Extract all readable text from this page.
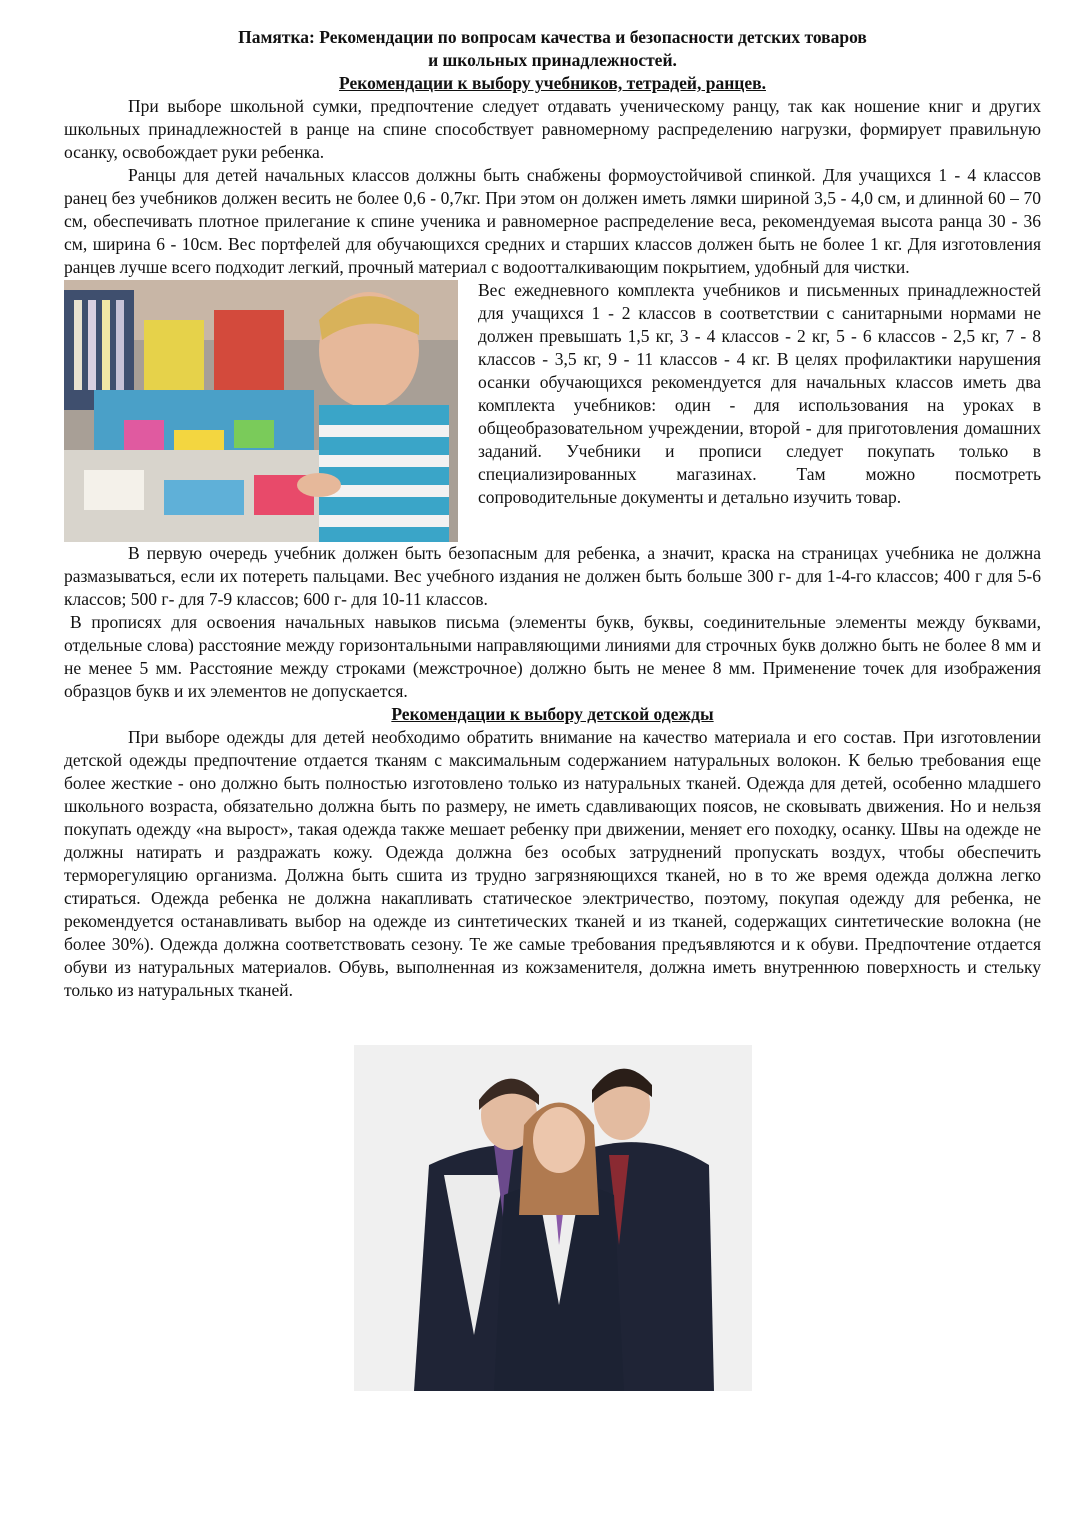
Памятка: Рекомендации по вопросам качества и безопасности детских товаров

и школьных принадлежностей.

Рекомендации к выбору учебников, тетрадей, ранцев.

При выборе школьной сумки, предпочтение следует отдавать ученическому ранцу, так как ношение книг и других школьных принадлежностей в ранце на спине способствует равномерному распределению нагрузки, формирует правильную осанку, освобождает руки ребенка.

Ранцы для детей начальных классов должны быть снабжены формоустойчивой спинкой. Для учащихся 1 - 4 классов ранец без учебников должен весить не более 0,6 - 0,7кг. При этом он должен иметь лямки шириной 3,5 - 4,0 см, и длинной 60 – 70 см, обеспечивать плотное прилегание к спине ученика и равномерное распределение веса, рекомендуемая высота ранца 30 - 36 см, ширина 6 - 10см. Вес портфелей для обучающихся средних и старших классов должен быть не более 1 кг. Для изготовления ранцев лучше всего подходит легкий, прочный материал с водоотталкивающим покрытием, удобный для чистки.

Вес ежедневного комплекта учебников и письменных принадлежностей для учащихся 1 - 2 классов в соответствии с санитарными нормами не должен превышать 1,5 кг, 3 - 4 классов - 2 кг, 5 - 6 классов - 2,5 кг, 7 - 8 классов - 3,5 кг, 9 - 11 классов - 4 кг. В целях профилактики нарушения осанки обучающихся рекомендуется для начальных классов иметь два комплекта учебников: один - для использования на уроках в общеобразовательном учреждении, второй - для приготовления домашних заданий. Учебники и прописи следует покупать только в специализированных магазинах. Там можно посмотреть сопроводительные документы и детально изучить товар.

В первую очередь учебник должен быть безопасным для ребенка, а значит, краска на страницах учебника не должна размазываться, если их потереть пальцами. Вес учебного издания не должен быть больше 300 г- для 1-4-го классов; 400 г для 5-6 классов; 500 г- для 7-9 классов; 600 г- для 10-11 классов.

В прописях для освоения начальных навыков письма (элементы букв, буквы, соединительные элементы между буквами, отдельные слова) расстояние между горизонтальными направляющими линиями для строчных букв должно быть не более 8 мм и не менее 5 мм. Расстояние между строками (межстрочное) должно быть не менее 8 мм. Применение точек для изображения образцов букв и их элементов не допускается.

Рекомендации к выбору детской одежды

При выборе одежды для детей необходимо обратить внимание на качество материала и его состав. При изготовлении детской одежды предпочтение отдается тканям с максимальным содержанием натуральных волокон. К белью требования еще более жесткие - оно должно быть полностью изготовлено только из натуральных тканей. Одежда для детей, особенно младшего школьного возраста, обязательно должна быть по размеру, не иметь сдавливающих поясов, не сковывать движения. Но и нельзя покупать одежду «на вырост», такая одежда также мешает ребенку при движении, меняет его походку, осанку. Швы на одежде не должны натирать и раздражать кожу. Одежда должна без особых затруднений пропускать воздух, чтобы обеспечить терморегуляцию организма. Должна быть сшита из трудно загрязняющихся тканей, но в то же время одежда должна легко стираться. Одежда ребенка не должна накапливать статическое электричество, поэтому, покупая одежду для ребенка, не рекомендуется останавливать выбор на одежде из синтетических тканей и из тканей, содержащих синтетические волокна (не более 30%). Одежда должна соответствовать сезону. Те же самые требования предъявляются и к обуви. Предпочтение отдается обуви из натуральных материалов. Обувь, выполненная из кожзаменителя, должна иметь внутреннюю поверхность и стельку только из натуральных тканей.
